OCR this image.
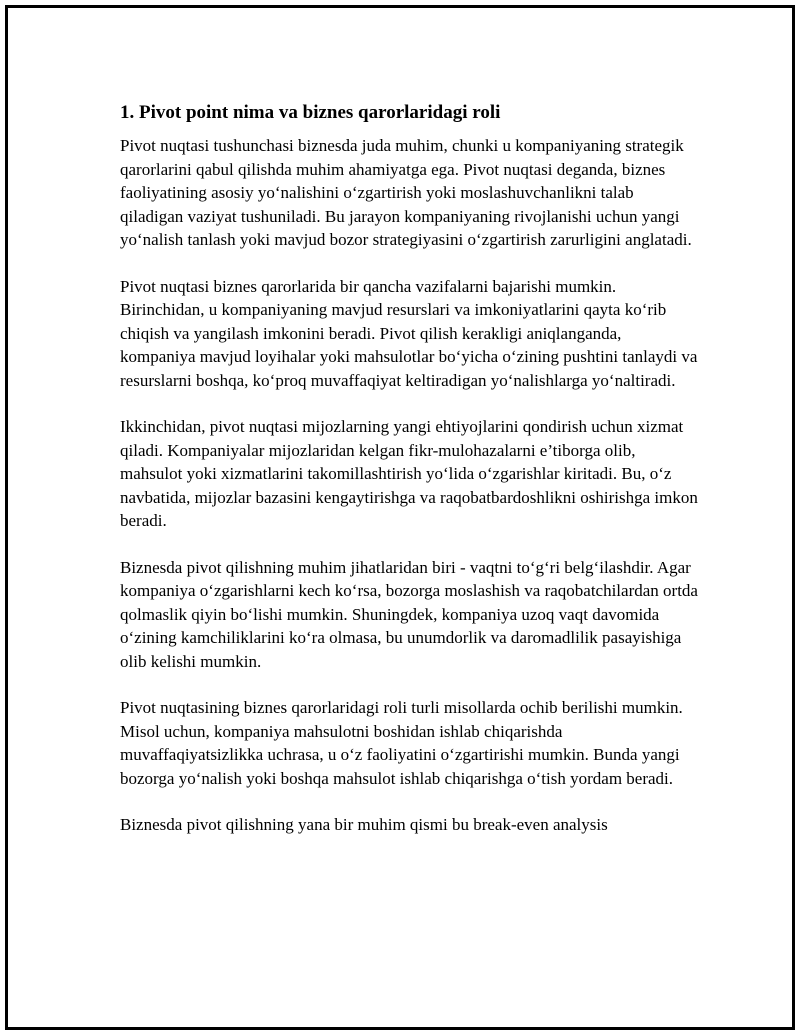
1. Pivot point nima va biznes qarorlaridagi roli

Pivot nuqtasi tushunchasi biznesda juda muhim, chunki u kompaniyaning strategik qarorlarini qabul qilishda muhim ahamiyatga ega. Pivot nuqtasi deganda, biznes faoliyatining asosiy yo‘nalishini o‘zgartirish yoki moslashuvchanlikni talab qiladigan vaziyat tushuniladi. Bu jarayon kompaniyaning rivojlanishi uchun yangi yo‘nalish tanlash yoki mavjud bozor strategiyasini o‘zgartirish zarurligini anglatadi.

Pivot nuqtasi biznes qarorlarida bir qancha vazifalarni bajarishi mumkin. Birinchidan, u kompaniyaning mavjud resurslari va imkoniyatlarini qayta ko‘rib chiqish va yangilash imkonini beradi. Pivot qilish kerakligi aniqlanganda, kompaniya mavjud loyihalar yoki mahsulotlar bo‘yicha o‘zining pushtini tanlaydi va resurslarni boshqa, ko‘proq muvaffaqiyat keltiradigan yo‘nalishlarga yo‘naltiradi.

Ikkinchidan, pivot nuqtasi mijozlarning yangi ehtiyojlarini qondirish uchun xizmat qiladi. Kompaniyalar mijozlaridan kelgan fikr-mulohazalarni e’tiborga olib, mahsulot yoki xizmatlarini takomillashtirish yo‘lida o‘zgarishlar kiritadi. Bu, o‘z navbatida, mijozlar bazasini kengaytirishga va raqobatbardoshlikni oshirishga imkon beradi.

Biznesda pivot qilishning muhim jihatlaridan biri - vaqtni to‘g‘ri belg‘ilashdir. Agar kompaniya o‘zgarishlarni kech ko‘rsa, bozorga moslashish va raqobatchilardan ortda qolmaslik qiyin bo‘lishi mumkin. Shuningdek, kompaniya uzoq vaqt davomida o‘zining kamchiliklarini ko‘ra olmasa, bu unumdorlik va daromadlilik pasayishiga olib kelishi mumkin.

Pivot nuqtasining biznes qarorlaridagi roli turli misollarda ochib berilishi mumkin. Misol uchun, kompaniya mahsulotni boshidan ishlab chiqarishda muvaffaqiyatsizlikka uchrasa, u o‘z faoliyatini o‘zgartirishi mumkin. Bunda yangi bozorga yo‘nalish yoki boshqa mahsulot ishlab chiqarishga o‘tish yordam beradi.

Biznesda pivot qilishning yana bir muhim qismi bu break-even analysis
